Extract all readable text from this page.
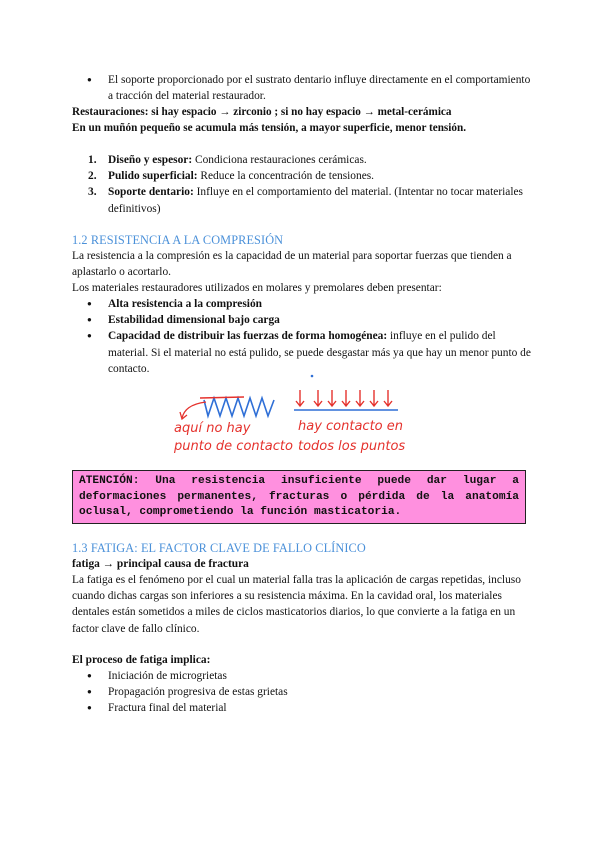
● El soporte proporcionado por el sustrato dentario influye directamente en el comportamiento a tracción del material restaurador.
Restauraciones: si hay espacio → zirconio ; si no hay espacio → metal-cerámica
En un muñón pequeño se acumula más tensión, a mayor superficie, menor tensión.
1. Diseño y espesor: Condiciona restauraciones cerámicas.
2. Pulido superficial: Reduce la concentración de tensiones.
3. Soporte dentario: Influye en el comportamiento del material. (Intentar no tocar materiales definitivos)
1.2 RESISTENCIA A LA COMPRESIÓN
La resistencia a la compresión es la capacidad de un material para soportar fuerzas que tienden a aplastarlo o acortarlo.
Los materiales restauradores utilizados en molares y premolares deben presentar:
● Alta resistencia a la compresión
● Estabilidad dimensional bajo carga
● Capacidad de distribuir las fuerzas de forma homogénea: influye en el pulido del material. Si el material no está pulido, se puede desgastar más ya que hay un menor punto de contacto.
aquí no hay
punto de contacto
hay contacto en
todos los puntos
ATENCIÓN: Una resistencia insuficiente puede dar lugar a deformaciones permanentes, fracturas o pérdida de la anatomía oclusal, comprometiendo la función masticatoria.
1.3 FATIGA: EL FACTOR CLAVE DE FALLO CLÍNICO
fatiga → principal causa de fractura
La fatiga es el fenómeno por el cual un material falla tras la aplicación de cargas repetidas, incluso cuando dichas cargas son inferiores a su resistencia máxima. En la cavidad oral, los materiales dentales están sometidos a miles de ciclos masticatorios diarios, lo que convierte a la fatiga en un factor clave de fallo clínico.
El proceso de fatiga implica:
● Iniciación de microgrietas
● Propagación progresiva de estas grietas
● Fractura final del material
